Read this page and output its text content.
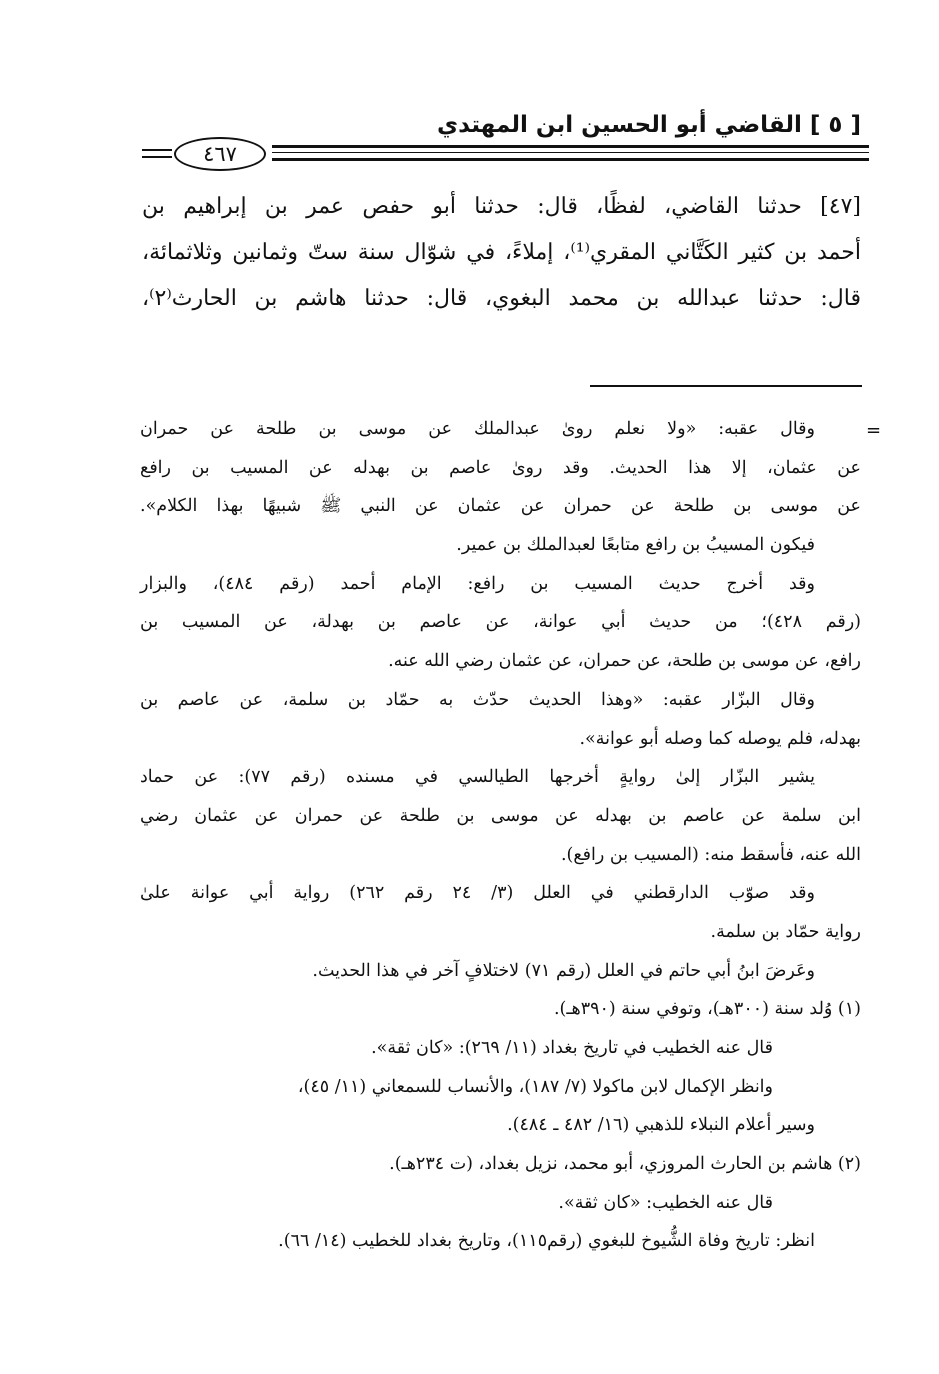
[ ٥ ] القاضي أبو الحسين ابن المهتدي
٤٦٧
[٤٧] حدثنا القاضي، لفظًا، قال: حدثنا أبو حفص عمر بن إبراهيم بن
أحمد بن كثير الكَتَّاني المقري⁽¹⁾، إملاءً، في شوّال سنة ستّ وثمانين وثلاثمائة،
قال: حدثنا عبدالله بن محمد البغوي، قال: حدثنا هاشم بن الحارث⁽٢⁾،
=
وقال عقبه: «ولا نعلم روىٰ عبدالملك عن موسى بن طلحة عن حمران
عن عثمان، إلا هذا الحديث. وقد روىٰ عاصم بن بهدله عن المسيب بن رافع
عن موسى بن طلحة عن حمران عن عثمان عن النبي ﷺ شبيهًا بهذا الكلام».
فيكون المسيبُ بن رافع متابعًا لعبدالملك بن عمير.
وقد أخرج حديث المسيب بن رافع: الإمام أحمد (رقم ٤٨٤)، والبزار
(رقم ٤٢٨)؛ من حديث أبي عوانة، عن عاصم بن بهدلة، عن المسيب بن
رافع، عن موسى بن طلحة، عن حمران، عن عثمان رضي الله عنه.
وقال البزّار عقبه: «وهذا الحديث حدّث به حمّاد بن سلمة، عن عاصم بن
بهدله، فلم يوصله كما وصله أبو عوانة».
يشير البزّار إلىٰ روايةٍ أخرجها الطيالسي في مسنده (رقم ٧٧): عن حماد
ابن سلمة عن عاصم بن بهدله عن موسى بن طلحة عن حمران عن عثمان رضي
الله عنه، فأسقط منه: (المسيب بن رافع).
وقد صوّب الدارقطني في العلل (٣/ ٢٤ رقم ٢٦٢) رواية أبي عوانة علىٰ
رواية حمّاد بن سلمة.
وعَرضَ ابنُ أبي حاتم في العلل (رقم ٧١) لاختلافٍ آخر في هذا الحديث.
(١) وُلد سنة (٣٠٠هـ)، وتوفي سنة (٣٩٠هـ).
قال عنه الخطيب في تاريخ بغداد (١١/ ٢٦٩): «كان ثقة».
وانظر الإكمال لابن ماكولا (٧/ ١٨٧)، والأنساب للسمعاني (١١/ ٤٥)،
وسير أعلام النبلاء للذهبي (١٦/ ٤٨٢ ـ ٤٨٤).
(٢) هاشم بن الحارث المروزي، أبو محمد، نزيل بغداد، (ت ٢٣٤هـ).
قال عنه الخطيب: «كان ثقة».
انظر: تاريخ وفاة الشُّيوخ للبغوي (رقم١١٥)، وتاريخ بغداد للخطيب (١٤/ ٦٦).
